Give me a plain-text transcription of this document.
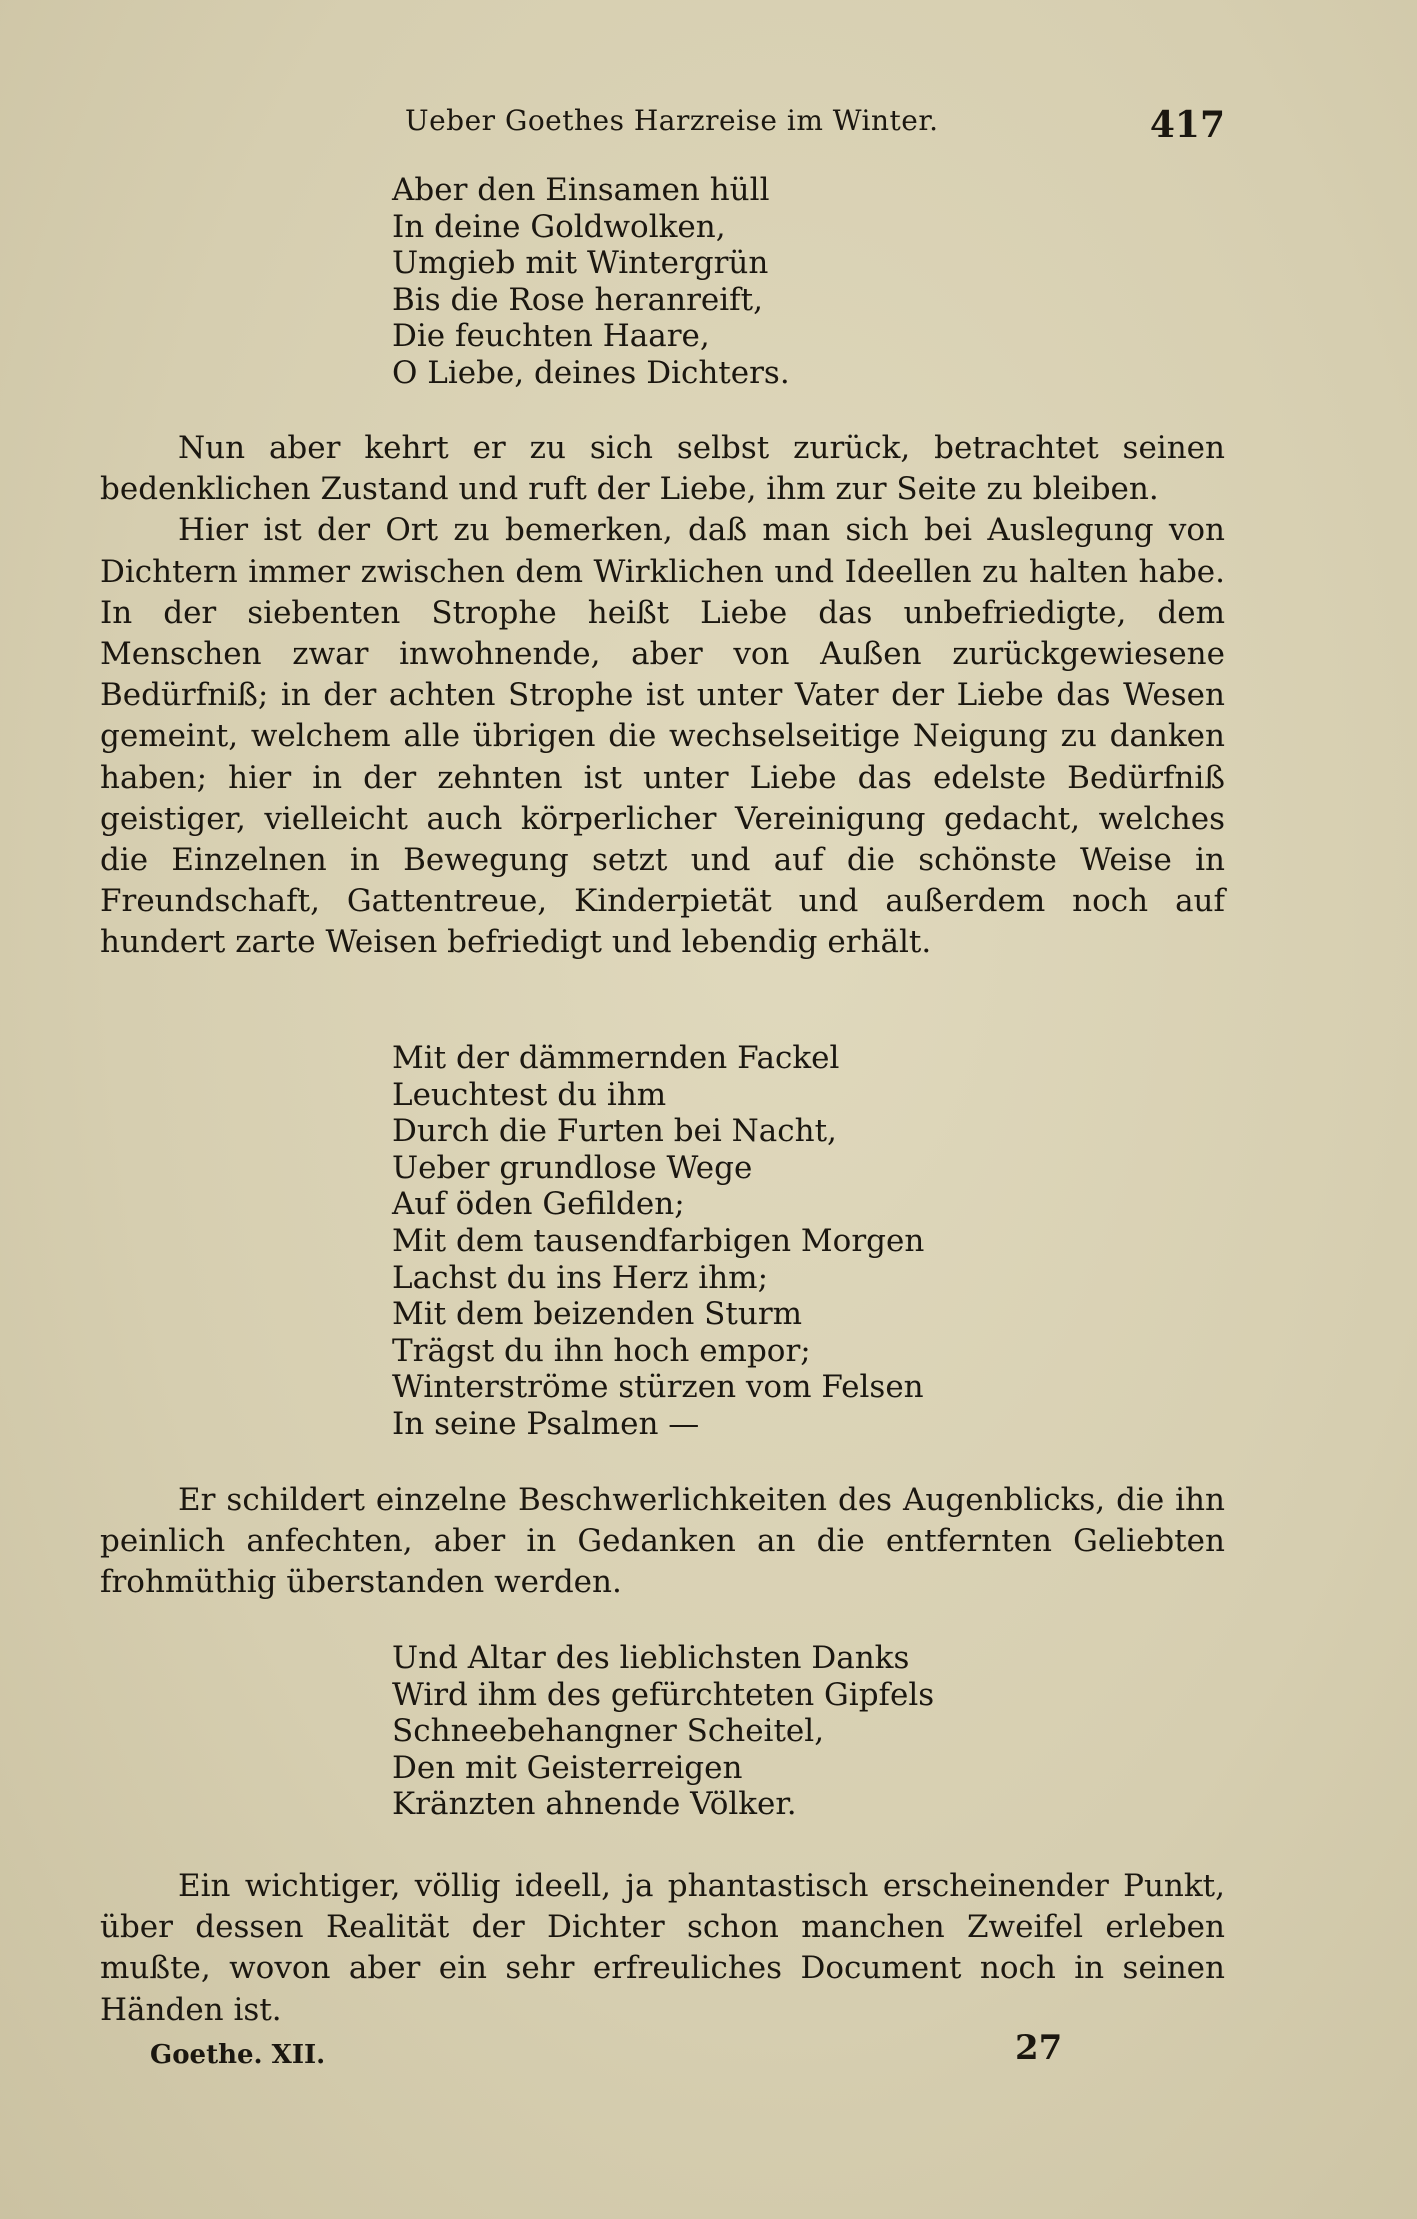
Ueber Goethes Harzreise im Winter.	417
Aber den Einsamen hüll
In deine Goldwolken,
Umgieb mit Wintergrün
Bis die Rose heranreift,
Die feuchten Haare,
O Liebe, deines Dichters.

Nun aber kehrt er zu sich selbst zurück, betrachtet seinen bedenklichen Zustand und ruft der Liebe, ihm zur Seite zu bleiben.

Hier ist der Ort zu bemerken, daß man sich bei Auslegung von Dichtern immer zwischen dem Wirklichen und Ideellen zu halten habe. In der siebenten Strophe heißt Liebe das unbefriedigte, dem Menschen zwar inwohnende, aber von Außen zurückgewiesene Bedürfniß; in der achten Strophe ist unter Vater der Liebe das Wesen gemeint, welchem alle übrigen die wechselseitige Neigung zu danken haben; hier in der zehnten ist unter Liebe das edelste Bedürfniß geistiger, vielleicht auch körperlicher Vereinigung gedacht, welches die Einzelnen in Bewegung setzt und auf die schönste Weise in Freundschaft, Gattentreue, Kinderpietät und außerdem noch auf hundert zarte Weisen befriedigt und lebendig erhält.

Mit der dämmernden Fackel
Leuchtest du ihm
Durch die Furten bei Nacht,
Ueber grundlose Wege
Auf öden Gefilden;
Mit dem tausendfarbigen Morgen
Lachst du ins Herz ihm;
Mit dem beizenden Sturm
Trägst du ihn hoch empor;
Winterströme stürzen vom Felsen
In seine Psalmen —

Er schildert einzelne Beschwerlichkeiten des Augenblicks, die ihn peinlich anfechten, aber in Gedanken an die entfernten Geliebten frohmüthig überstanden werden.

Und Altar des lieblichsten Danks
Wird ihm des gefürchteten Gipfels
Schneebehangner Scheitel,
Den mit Geisterreigen
Kränzten ahnende Völker.

Ein wichtiger, völlig ideell, ja phantastisch erscheinender Punkt, über dessen Realität der Dichter schon manchen Zweifel erleben mußte, wovon aber ein sehr erfreuliches Document noch in seinen Händen ist.

Goethe. XII.	27
